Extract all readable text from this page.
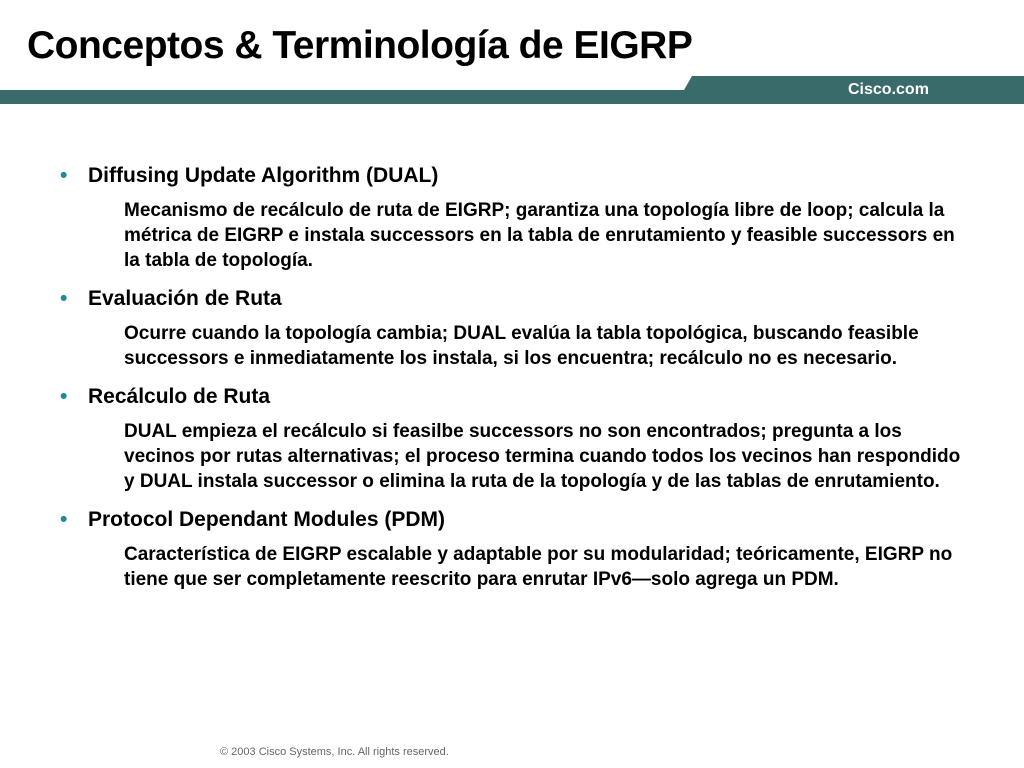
Conceptos & Terminología de EIGRP
Cisco.com
• Diffusing Update Algorithm (DUAL)
Mecanismo de recálculo de ruta de EIGRP; garantiza una topología libre de loop; calcula la métrica de EIGRP e instala successors en la tabla de enrutamiento y feasible successors en la tabla de topología.
• Evaluación de Ruta
Ocurre cuando la topología cambia; DUAL evalúa la tabla topológica, buscando feasible successors e inmediatamente los instala, si los encuentra; recálculo no es necesario.
• Recálculo de Ruta
DUAL empieza el recálculo si feasilbe successors no son encontrados; pregunta a los vecinos por rutas alternativas; el proceso termina cuando todos los vecinos han respondido y DUAL instala successor o elimina la ruta de la topología y de las tablas de enrutamiento.
• Protocol Dependant Modules (PDM)
Característica de EIGRP escalable y adaptable por su modularidad; teóricamente, EIGRP no tiene que ser completamente reescrito para enrutar IPv6—solo agrega un PDM.
© 2003 Cisco Systems, Inc. All rights reserved.
